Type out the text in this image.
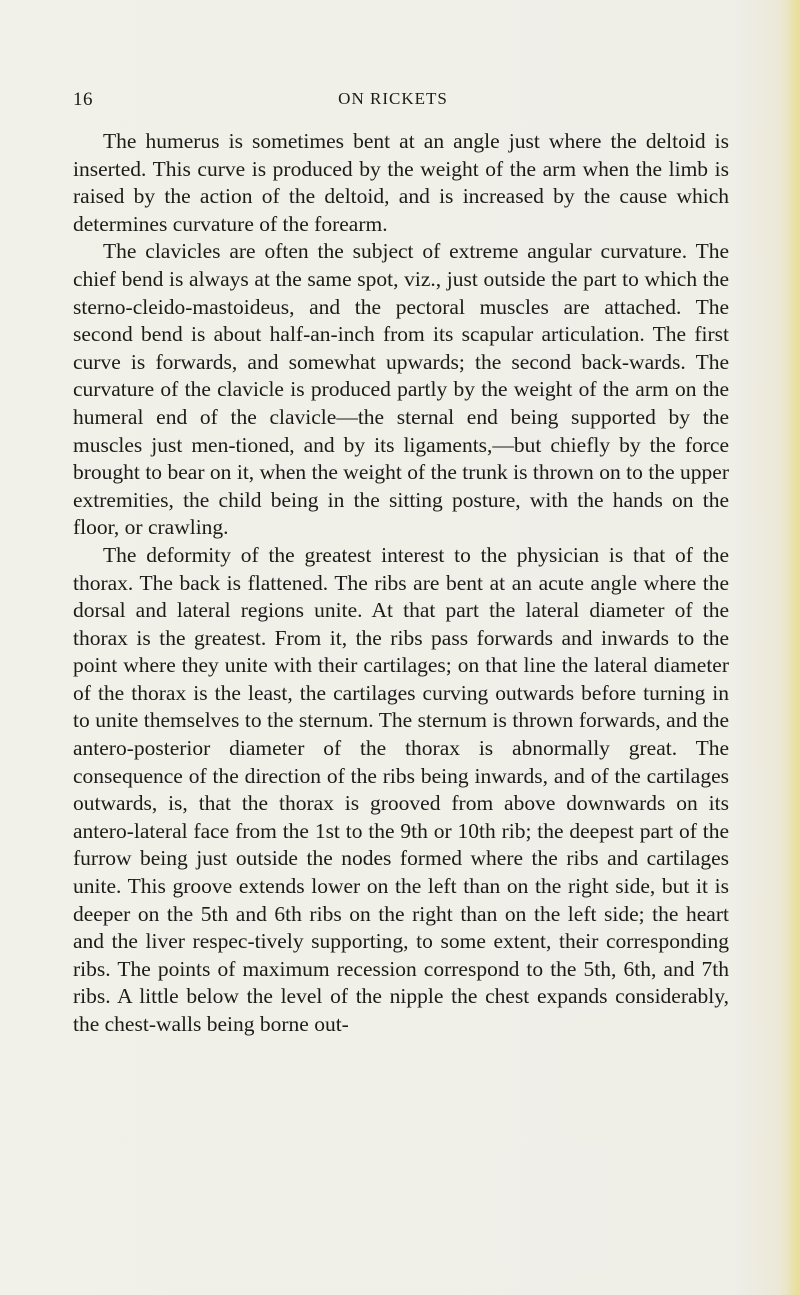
16	ON RICKETS

The humerus is sometimes bent at an angle just where the deltoid is inserted. This curve is produced by the weight of the arm when the limb is raised by the action of the deltoid, and is increased by the cause which determines curvature of the forearm.

The clavicles are often the subject of extreme angular curvature. The chief bend is always at the same spot, viz., just outside the part to which the sterno-cleido-mastoideus, and the pectoral muscles are attached. The second bend is about half-an-inch from its scapular articulation. The first curve is forwards, and somewhat upwards; the second back-wards. The curvature of the clavicle is produced partly by the weight of the arm on the humeral end of the clavicle—the sternal end being supported by the muscles just men-tioned, and by its ligaments,—but chiefly by the force brought to bear on it, when the weight of the trunk is thrown on to the upper extremities, the child being in the sitting posture, with the hands on the floor, or crawling.

The deformity of the greatest interest to the physician is that of the thorax. The back is flattened. The ribs are bent at an acute angle where the dorsal and lateral regions unite. At that part the lateral diameter of the thorax is the greatest. From it, the ribs pass forwards and inwards to the point where they unite with their cartilages; on that line the lateral diameter of the thorax is the least, the cartilages curving outwards before turning in to unite themselves to the sternum. The sternum is thrown forwards, and the antero-posterior diameter of the thorax is abnormally great. The consequence of the direction of the ribs being inwards, and of the cartilages outwards, is, that the thorax is grooved from above downwards on its antero-lateral face from the 1st to the 9th or 10th rib; the deepest part of the furrow being just outside the nodes formed where the ribs and cartilages unite. This groove extends lower on the left than on the right side, but it is deeper on the 5th and 6th ribs on the right than on the left side; the heart and the liver respec-tively supporting, to some extent, their corresponding ribs. The points of maximum recession correspond to the 5th, 6th, and 7th ribs. A little below the level of the nipple the chest expands considerably, the chest-walls being borne out-
